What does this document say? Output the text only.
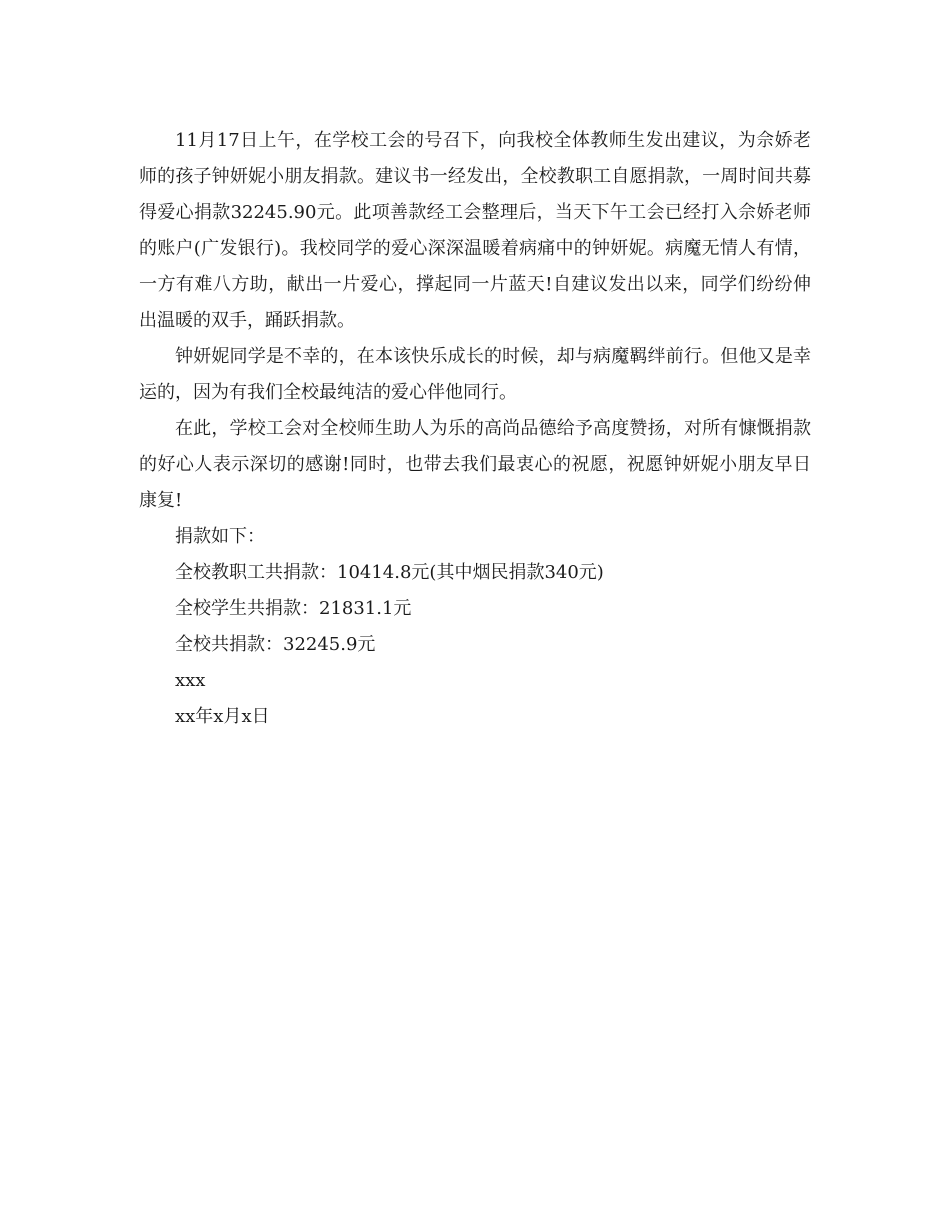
11月17日上午，在学校工会的号召下，向我校全体教师生发出建议，为佘娇老师的孩子钟妍妮小朋友捐款。建议书一经发出，全校教职工自愿捐款，一周时间共募得爱心捐款32245.90元。此项善款经工会整理后，当天下午工会已经打入佘娇老师的账户(广发银行)。我校同学的爱心深深温暖着病痛中的钟妍妮。病魔无情人有情，一方有难八方助，献出一片爱心，撑起同一片蓝天!自建议发出以来，同学们纷纷伸出温暖的双手，踊跃捐款。

钟妍妮同学是不幸的，在本该快乐成长的时候，却与病魔羁绊前行。但他又是幸运的，因为有我们全校最纯洁的爱心伴他同行。

在此，学校工会对全校师生助人为乐的高尚品德给予高度赞扬，对所有慷慨捐款的好心人表示深切的感谢!同时，也带去我们最衷心的祝愿，祝愿钟妍妮小朋友早日康复!

捐款如下：

全校教职工共捐款：10414.8元(其中烟民捐款340元)

全校学生共捐款：21831.1元

全校共捐款：32245.9元

xxx

xx年x月x日
